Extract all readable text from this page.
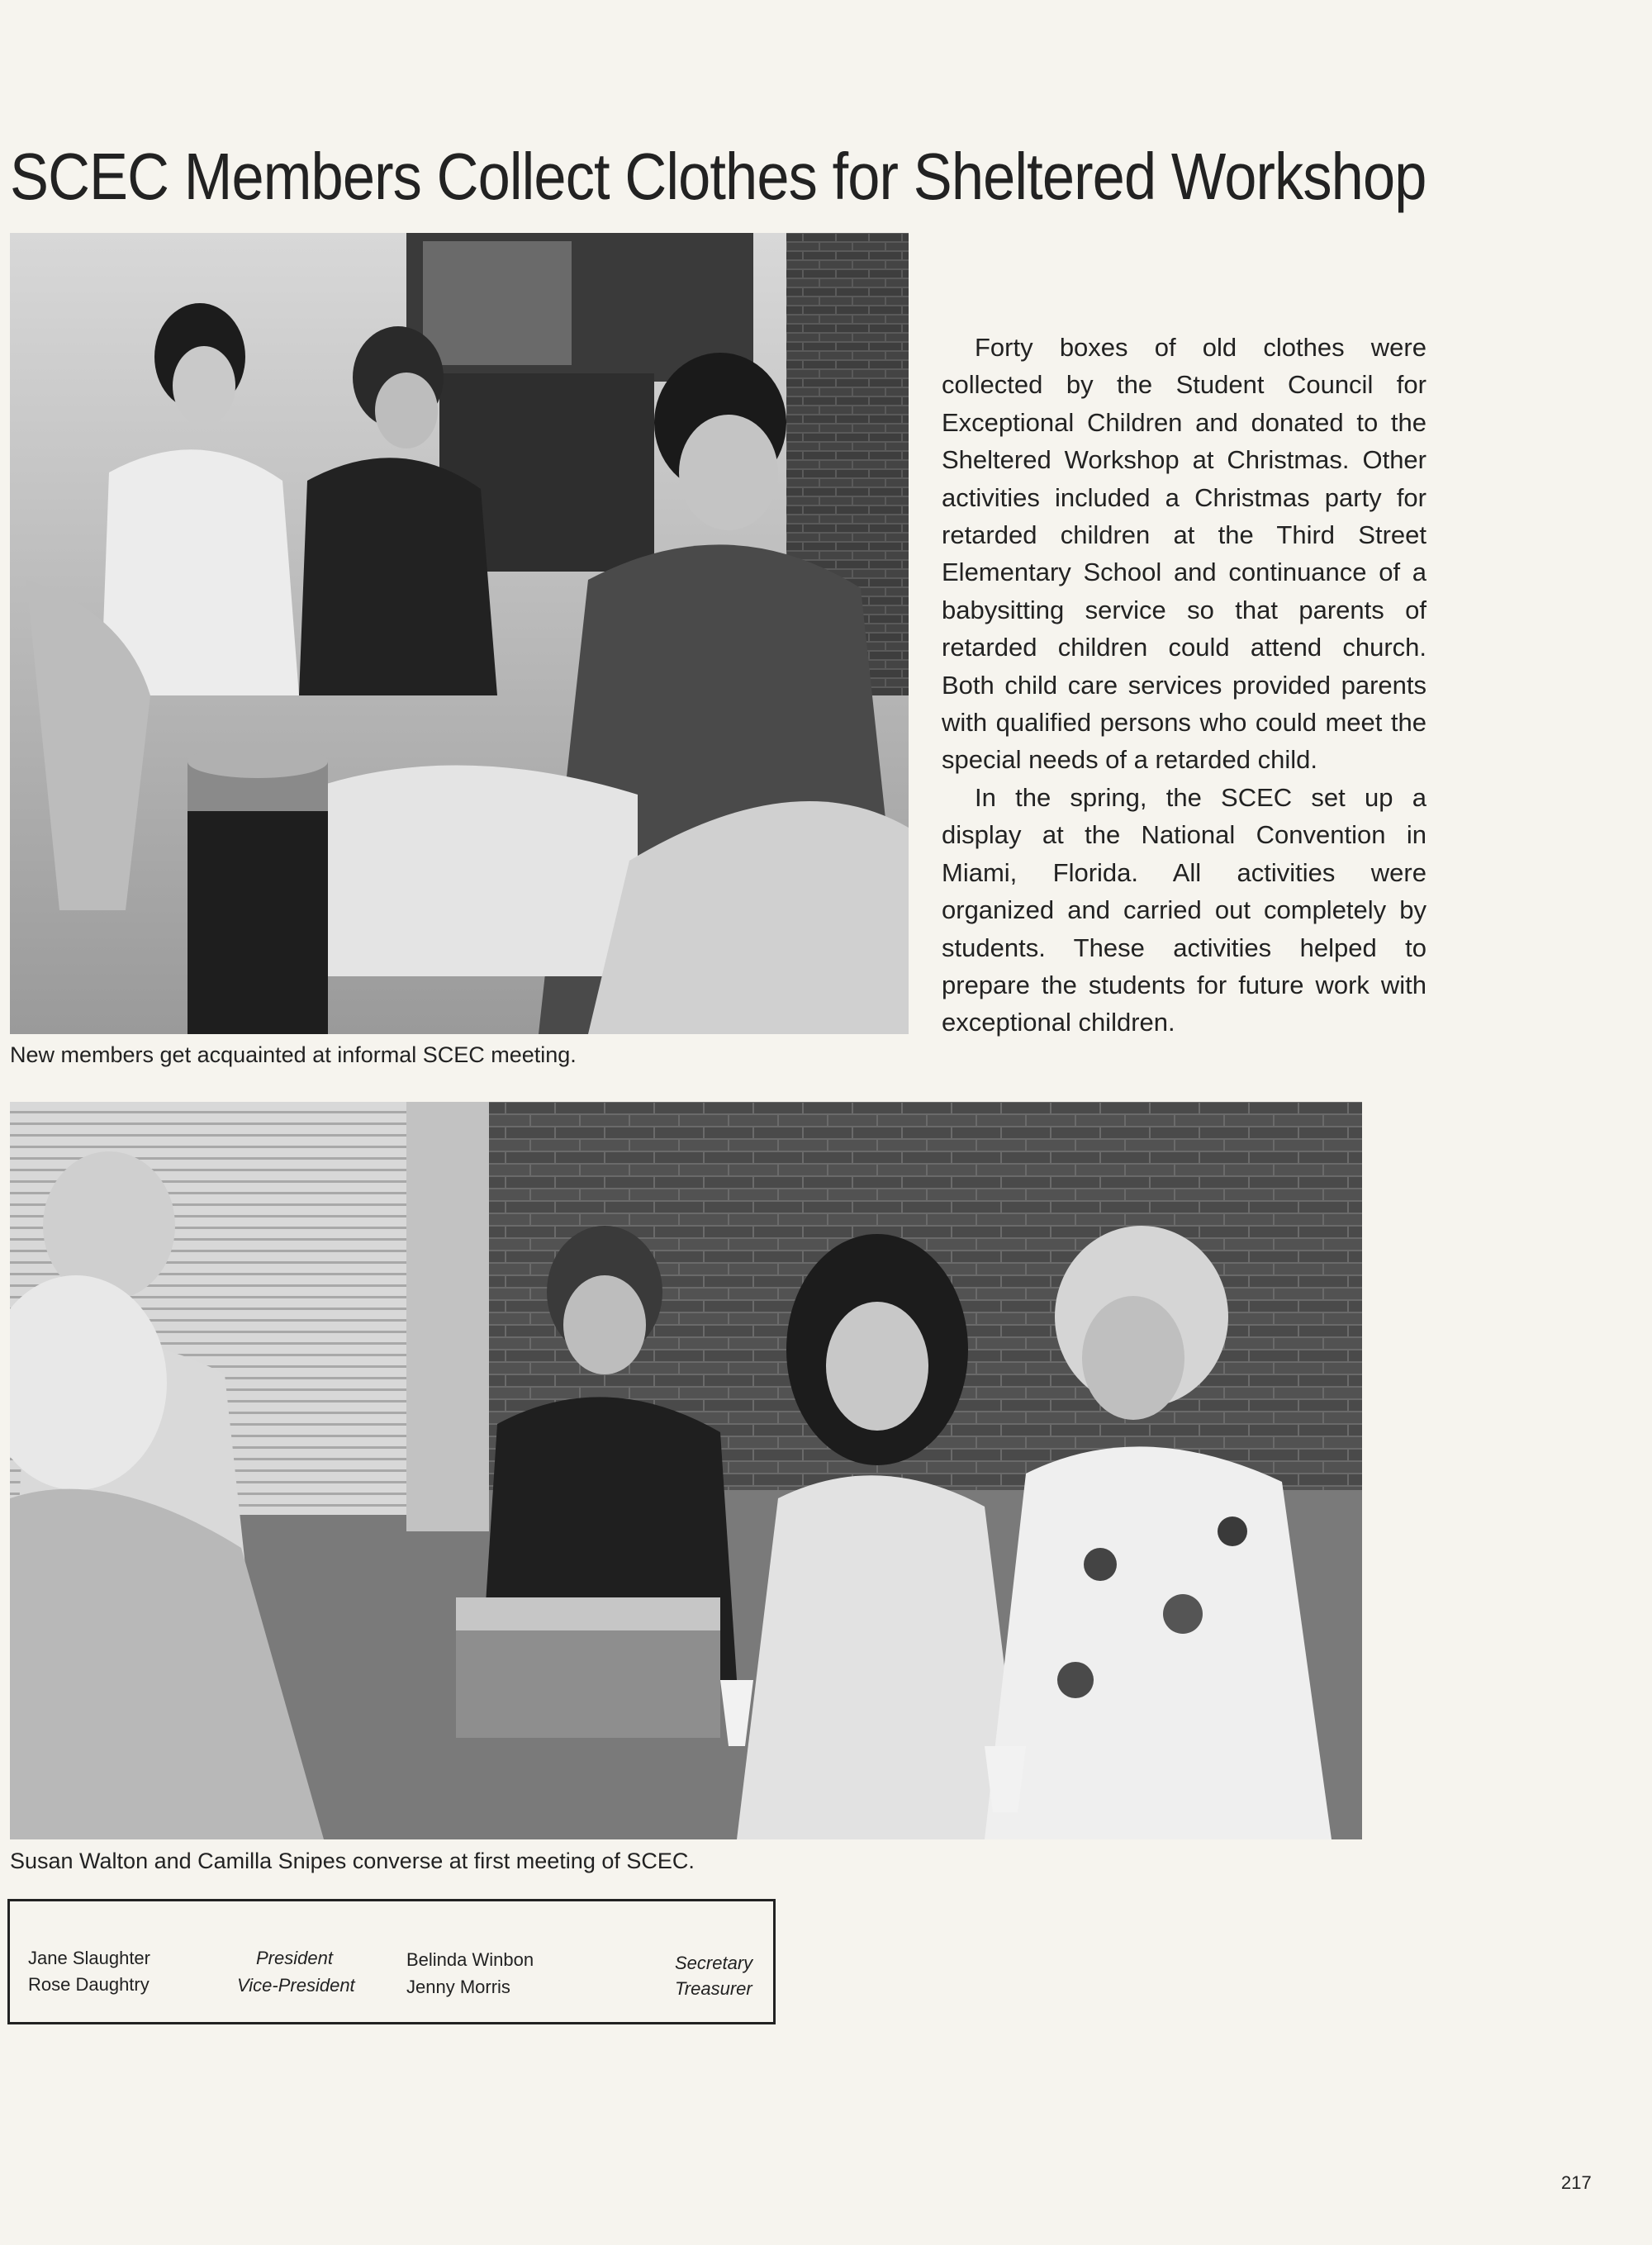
SCEC Members Collect Clothes for Sheltered Workshop
New members get acquainted at informal SCEC meeting.

Forty boxes of old clothes were collected by the Student Council for Exceptional Children and donated to the Sheltered Workshop at Christmas. Other activities included a Christmas party for retarded children at the Third Street Elementary School and continuance of a babysitting service so that parents of retarded children could attend church. Both child care services provided parents with qualified persons who could meet the special needs of a retarded child.

In the spring, the SCEC set up a display at the National Convention in Miami, Florida. All activities were organized and carried out completely by students. These activities helped to prepare the students for future work with exceptional children.

Susan Walton and Camilla Snipes converse at first meeting of SCEC.
Jane Slaughter	President
Rose Daughtry	Vice-President
Belinda Winbon	Secretary
Jenny Morris	Treasurer
217
